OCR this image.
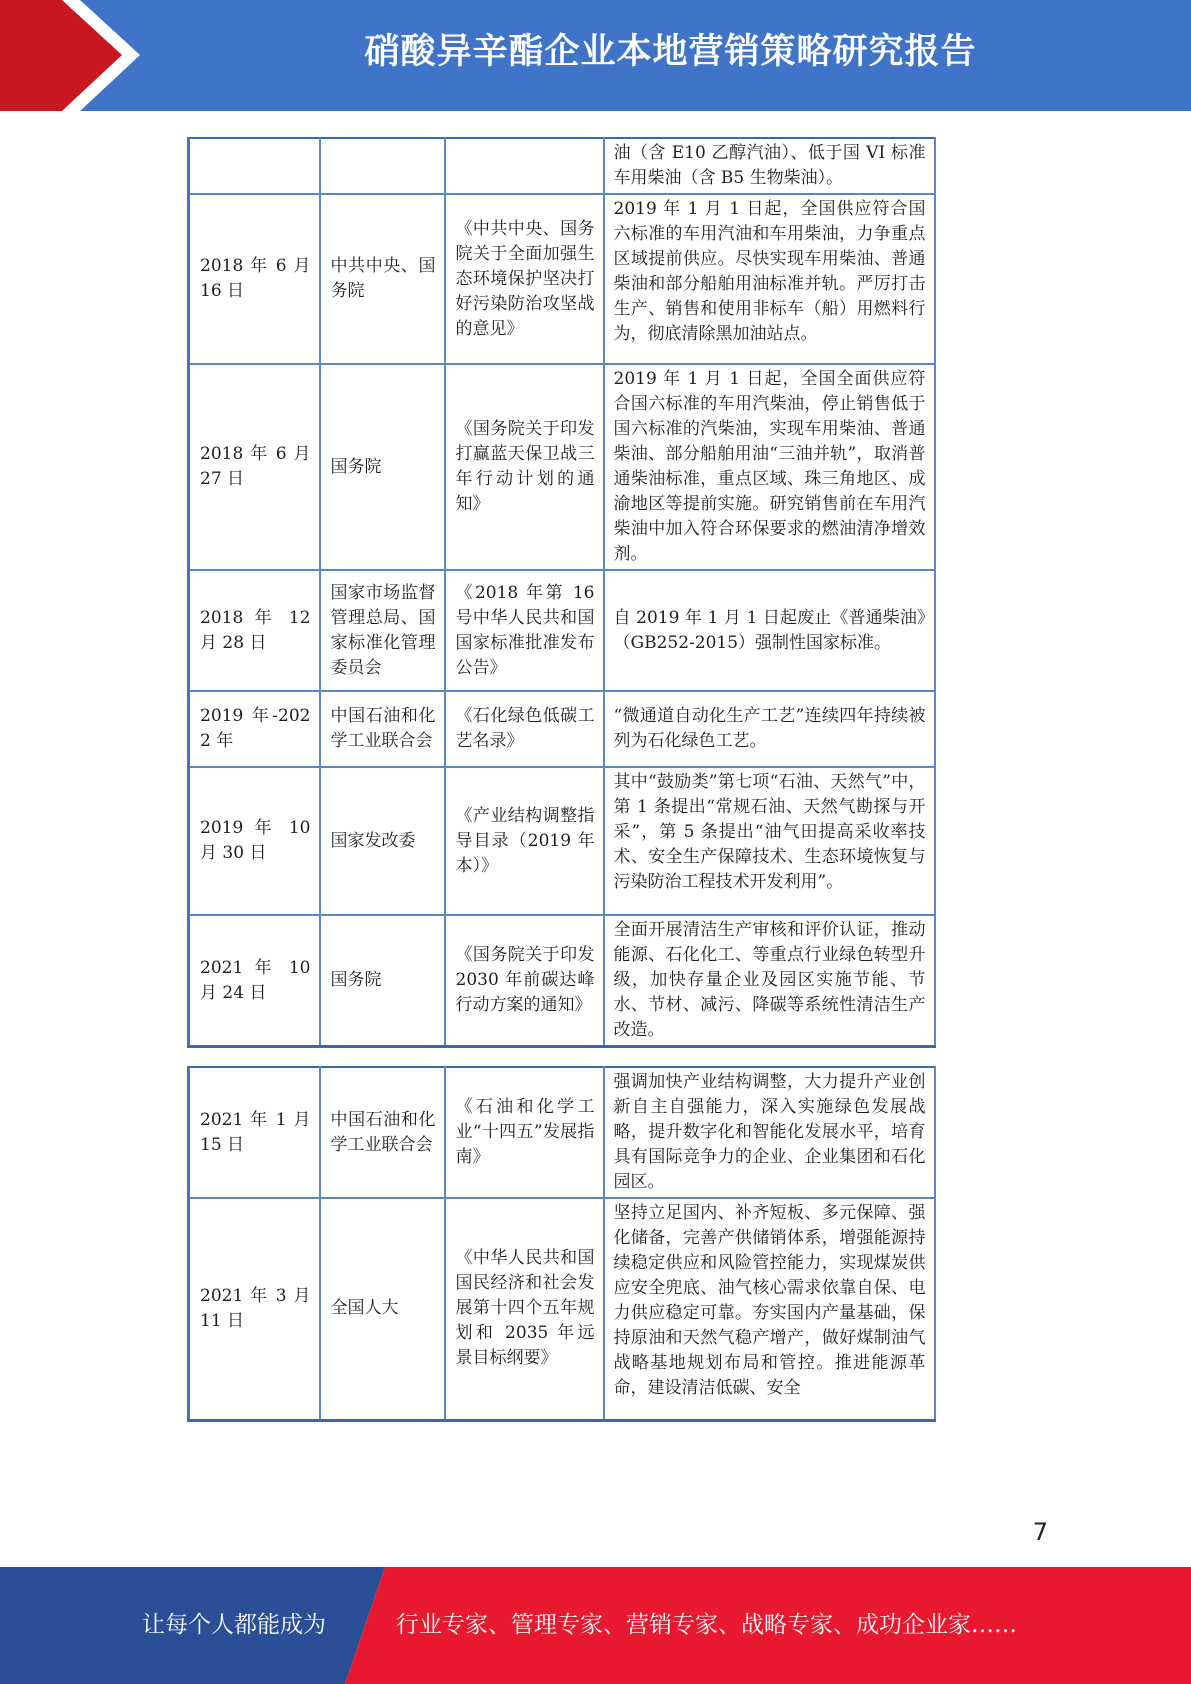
硝酸异辛酯企业本地营销策略研究报告
			油（含 E10 乙醇汽油）、低于国 VI 标准车用柴油（含 B5 生物柴油）。
2018 年 6 月 16 日	中共中央、国务院	《中共中央、国务院关于全面加强生态环境保护坚决打好污染防治攻坚战的意见》	2019 年 1 月 1 日起，全国供应符合国六标准的车用汽油和车用柴油，力争重点区域提前供应。尽快实现车用柴油、普通柴油和部分船舶用油标准并轨。严厉打击生产、销售和使用非标车（船）用燃料行为，彻底清除黑加油站点。
2018 年 6 月 27 日	国务院	《国务院关于印发打赢蓝天保卫战三年行动计划的通知》	2019 年 1 月 1 日起，全国全面供应符合国六标准的车用汽柴油，停止销售低于国六标准的汽柴油，实现车用柴油、普通柴油、部分船舶用油“三油并轨”，取消普通柴油标准，重点区域、珠三角地区、成渝地区等提前实施。研究销售前在车用汽柴油中加入符合环保要求的燃油清净增效剂。
2018 年 12 月 28 日	国家市场监督管理总局、国家标准化管理委员会	《2018 年第 16 号中华人民共和国国家标准批准发布公告》	自 2019 年 1 月 1 日起废止《普通柴油》（GB252-2015）强制性国家标准。
2019 年-2022 年	中国石油和化学工业联合会	《石化绿色低碳工艺名录》	“微通道自动化生产工艺”连续四年持续被列为石化绿色工艺。
2019 年 10 月 30 日	国家发改委	《产业结构调整指导目录（2019 年本）》	其中“鼓励类”第七项“石油、天然气”中，第 1 条提出“常规石油、天然气勘探与开采”，第 5 条提出“油气田提高采收率技术、安全生产保障技术、生态环境恢复与污染防治工程技术开发利用”。
2021 年 10 月 24 日	国务院	《国务院关于印发 2030 年前碳达峰行动方案的通知》	全面开展清洁生产审核和评价认证，推动能源、石化化工、等重点行业绿色转型升级，加快存量企业及园区实施节能、节水、节材、减污、降碳等系统性清洁生产改造。
2021 年 1 月 15 日	中国石油和化学工业联合会	《石油和化学工业“十四五”发展指南》	强调加快产业结构调整，大力提升产业创新自主自强能力，深入实施绿色发展战略，提升数字化和智能化发展水平，培育具有国际竞争力的企业、企业集团和石化园区。
2021 年 3 月 11 日	全国人大	《中华人民共和国国民经济和社会发展第十四个五年规划和 2035 年远景目标纲要》	坚持立足国内、补齐短板、多元保障、强化储备，完善产供储销体系，增强能源持续稳定供应和风险管控能力，实现煤炭供应安全兜底、油气核心需求依靠自保、电力供应稳定可靠。夯实国内产量基础，保持原油和天然气稳产增产，做好煤制油气战略基地规划布局和管控。推进能源革命，建设清洁低碳、安全
7
让每个人都能成为	行业专家、管理专家、营销专家、战略专家、成功企业家……
